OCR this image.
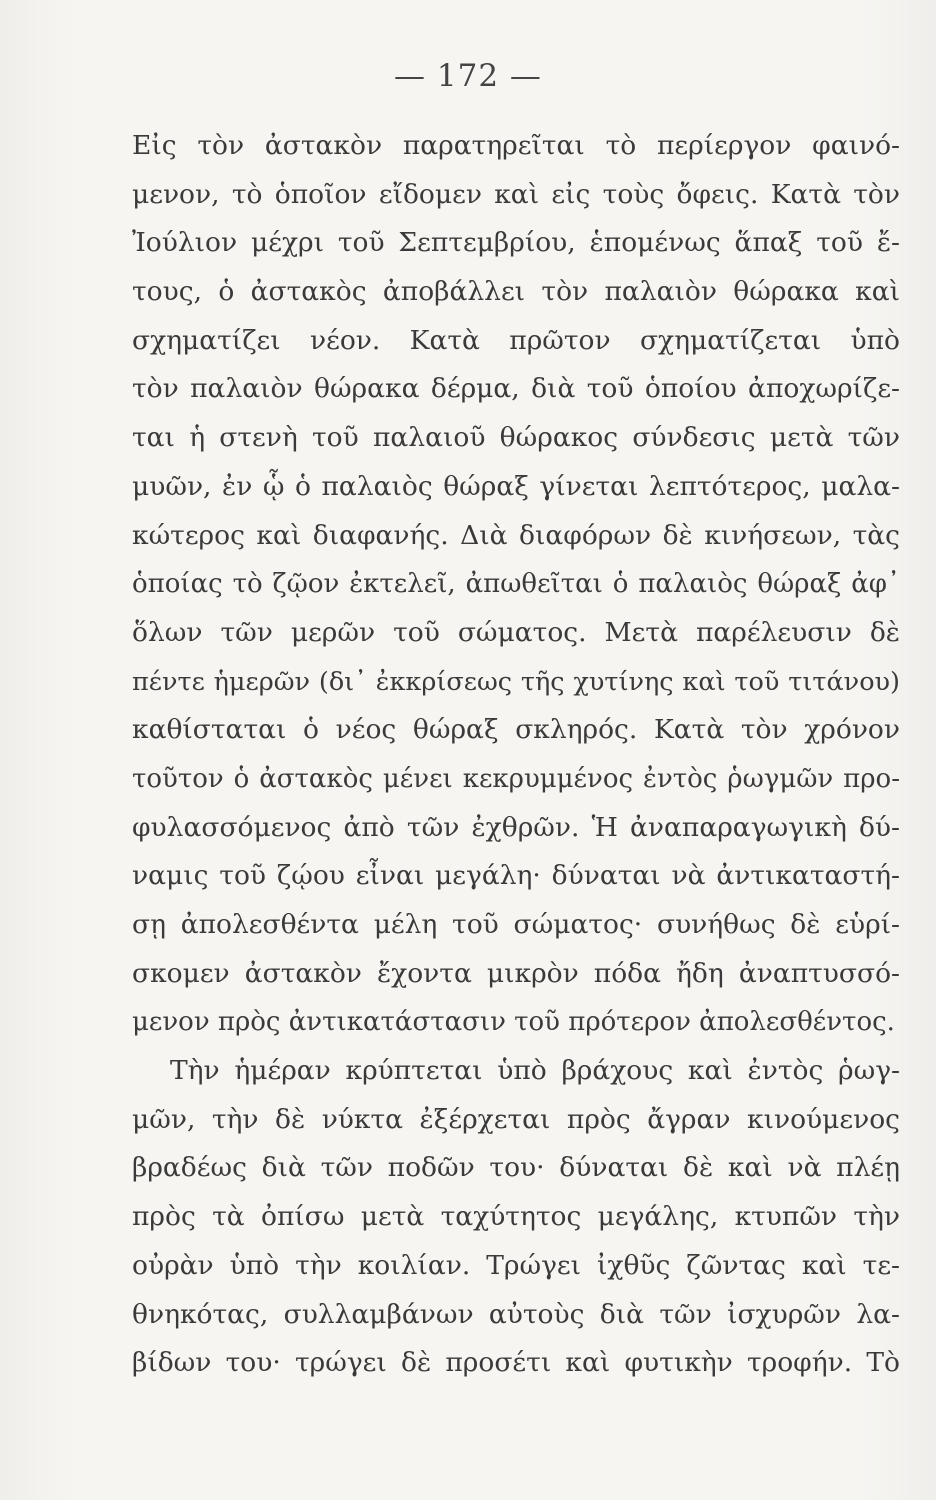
— 172 —
Εἰς τὸν ἀστακὸν παρατηρεῖται τὸ περίεργον φαινό-
μενον, τὸ ὁποῖον εἴδομεν καὶ εἰς τοὺς ὄφεις. Κατὰ τὸν
Ἰούλιον μέχρι τοῦ Σεπτεμβρίου, ἑπομένως ἅπαξ τοῦ ἔ-
τους, ὁ ἀστακὸς ἀποβάλλει τὸν παλαιὸν θώρακα καὶ
σχηματίζει νέον. Κατὰ πρῶτον σχηματίζεται ὑπὸ
τὸν παλαιὸν θώρακα δέρμα, διὰ τοῦ ὁποίου ἀποχωρίζε-
ται ἡ στενὴ τοῦ παλαιοῦ θώρακος σύνδεσις μετὰ τῶν
μυῶν, ἐν ᾧ ὁ παλαιὸς θώραξ γίνεται λεπτότερος, μαλα-
κώτερος καὶ διαφανής. Διὰ διαφόρων δὲ κινήσεων, τὰς
ὁποίας τὸ ζῷον ἐκτελεῖ, ἀπωθεῖται ὁ παλαιὸς θώραξ ἀφ᾽
ὅλων τῶν μερῶν τοῦ σώματος. Μετὰ παρέλευσιν δὲ
πέντε ἡμερῶν (δι᾽ ἐκκρίσεως τῆς χυτίνης καὶ τοῦ τιτάνου)
καθίσταται ὁ νέος θώραξ σκληρός. Κατὰ τὸν χρόνον
τοῦτον ὁ ἀστακὸς μένει κεκρυμμένος ἐντὸς ῥωγμῶν προ-
φυλασσόμενος ἀπὸ τῶν ἐχθρῶν. Ἡ ἀναπαραγωγικὴ δύ-
ναμις τοῦ ζῴου εἶναι μεγάλη· δύναται νὰ ἀντικαταστή-
σῃ ἀπολεσθέντα μέλη τοῦ σώματος· συνήθως δὲ εὑρί-
σκομεν ἀστακὸν ἔχοντα μικρὸν πόδα ἤδη ἀναπτυσσό-
μενον πρὸς ἀντικατάστασιν τοῦ πρότερον ἀπολεσθέντος.
Τὴν ἡμέραν κρύπτεται ὑπὸ βράχους καὶ ἐντὸς ῥωγ-
μῶν, τὴν δὲ νύκτα ἐξέρχεται πρὸς ἄγραν κινούμενος
βραδέως διὰ τῶν ποδῶν του· δύναται δὲ καὶ νὰ πλέῃ
πρὸς τὰ ὀπίσω μετὰ ταχύτητος μεγάλης, κτυπῶν τὴν
οὐρὰν ὑπὸ τὴν κοιλίαν. Τρώγει ἰχθῦς ζῶντας καὶ τε-
θνηκότας, συλλαμβάνων αὐτοὺς διὰ τῶν ἰσχυρῶν λα-
βίδων του· τρώγει δὲ προσέτι καὶ φυτικὴν τροφήν. Τὸ
